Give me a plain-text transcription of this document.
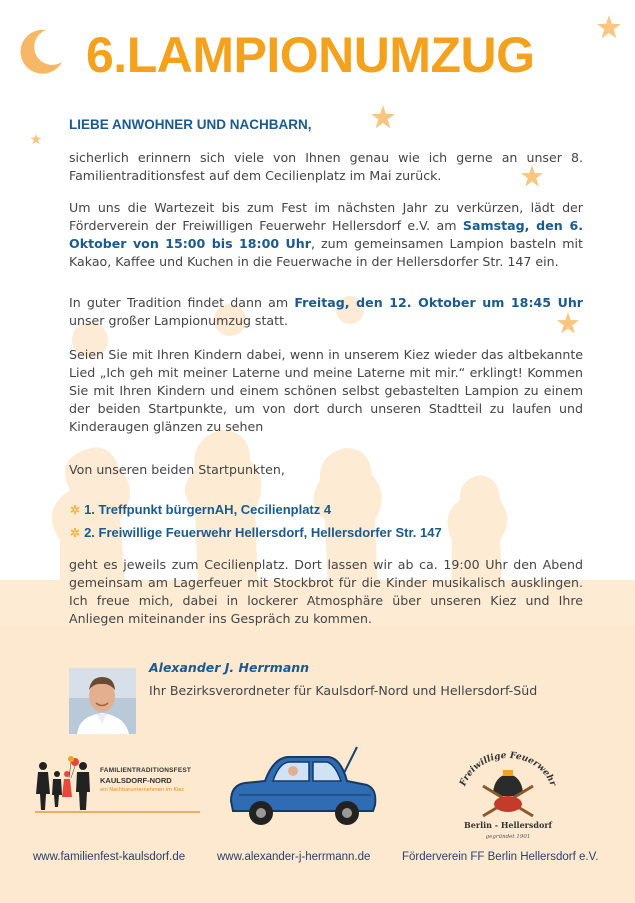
6.LAMPIONUMZUG
LIEBE ANWOHNER UND NACHBARN,

sicherlich erinnern sich viele von Ihnen genau wie ich gerne an unser 8. Familientraditionsfest auf dem Cecilienplatz im Mai zurück.

Um uns die Wartezeit bis zum Fest im nächsten Jahr zu verkürzen, lädt der Förderverein der Freiwilligen Feuerwehr Hellersdorf e.V. am Samstag, den 6. Oktober von 15:00 bis 18:00 Uhr, zum gemeinsamen Lampion basteln mit Kakao, Kaffee und Kuchen in die Feuerwache in der Hellersdorfer Str. 147 ein.

In guter Tradition findet dann am Freitag, den 12. Oktober um 18:45 Uhr unser großer Lampionumzug statt.

Seien Sie mit Ihren Kindern dabei, wenn in unserem Kiez wieder das altbekannte Lied „Ich geh mit meiner Laterne und meine Laterne mit mir.“ erklingt! Kommen Sie mit Ihren Kindern und einem schönen selbst gebastelten Lampion zu einem der beiden Startpunkte, um von dort durch unseren Stadtteil zu laufen und Kinderaugen glänzen zu sehen

Von unseren beiden Startpunkten,

✲ 1. Treffpunkt bürgernAH, Cecilienplatz 4
✲ 2. Freiwillige Feuerwehr Hellersdorf, Hellersdorfer Str. 147

geht es jeweils zum Cecilienplatz. Dort lassen wir ab ca. 19:00 Uhr den Abend gemeinsam am Lagerfeuer mit Stockbrot für die Kinder musikalisch ausklingen. Ich freue mich, dabei in lockerer Atmosphäre über unseren Kiez und Ihre Anliegen miteinander ins Gespräch zu kommen.

Alexander J. Herrmann
Ihr Bezirksverordneter für Kaulsdorf-Nord und Hellersdorf-Süd
FAMILIENTRADITIONSFEST
KAULSDORF-NORD
ein Nachbarunternehmen im Kiez
Freiwillige Feuerwehr
Berlin - Hellersdorf
gegründet 1901
www.familienfest-kaulsdorf.de	www.alexander-j-herrmann.de	Förderverein FF Berlin Hellersdorf e.V.
